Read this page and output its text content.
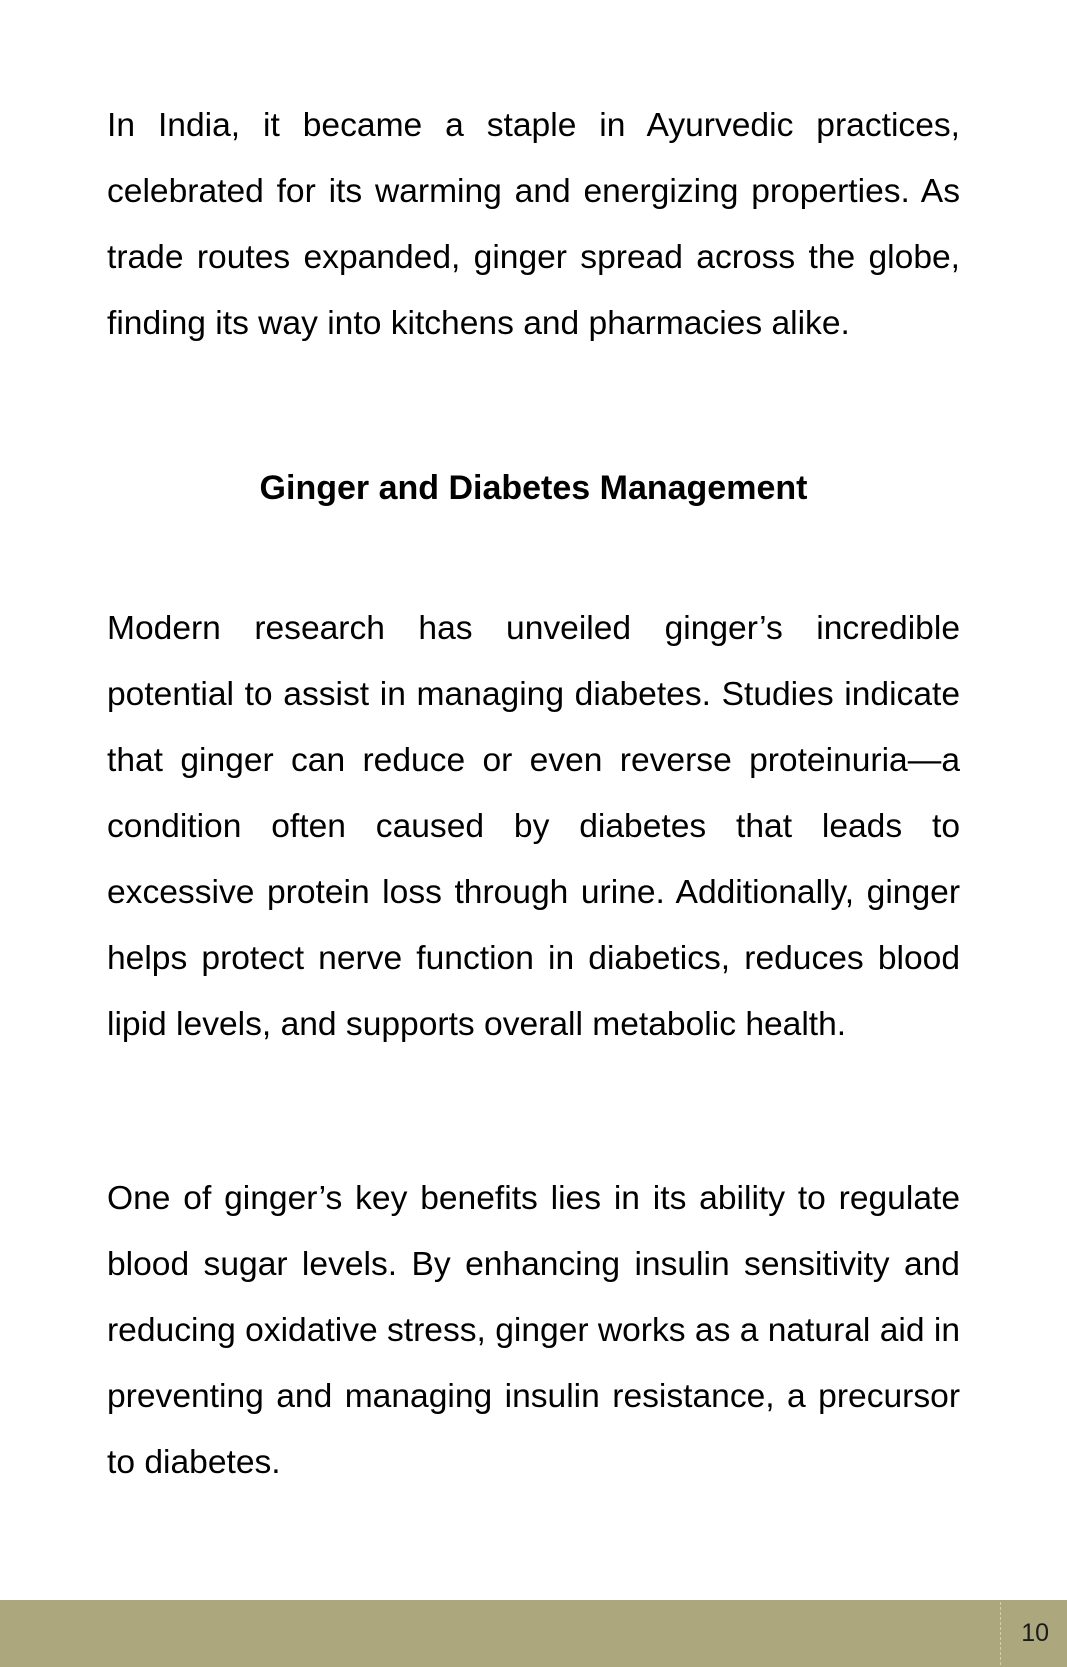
In India, it became a staple in Ayurvedic practices,
celebrated for its warming and energizing properties. As
trade routes expanded, ginger spread across the globe,
finding its way into kitchens and pharmacies alike.
Ginger and Diabetes Management
Modern research has unveiled ginger’s incredible
potential to assist in managing diabetes. Studies indicate
that ginger can reduce or even reverse proteinuria—a
condition often caused by diabetes that leads to
excessive protein loss through urine. Additionally, ginger
helps protect nerve function in diabetics, reduces blood
lipid levels, and supports overall metabolic health.
One of ginger’s key benefits lies in its ability to regulate
blood sugar levels. By enhancing insulin sensitivity and
reducing oxidative stress, ginger works as a natural aid in
preventing and managing insulin resistance, a precursor
to diabetes.
10
